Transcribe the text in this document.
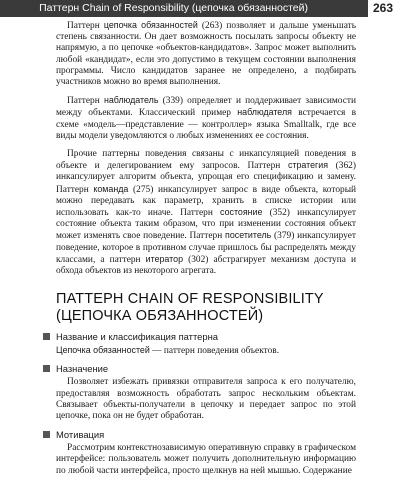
Паттерн Chain of Responsibility (цепочка обязанностей)	263

Паттерн цепочка обязанностей (263) позволяет и дальше уменьшать степень связанности. Он дает возможность посылать запросы объекту не напрямую, а по цепочке «объектов-кандидатов». Запрос может выполнить любой «кандидат», если это допустимо в текущем состоянии выполнения программы. Число кандидатов заранее не определено, а подбирать участников можно во время выполнения.

Паттерн наблюдатель (339) определяет и поддерживает зависимости между объектами. Классический пример наблюдателя встречается в схеме «модель—представление — контроллер» языка Smalltalk, где все виды модели уведомляются о любых изменениях ее состояния.

Прочие паттерны поведения связаны с инкапсуляцией поведения в объекте и делегированием ему запросов. Паттерн стратегия (362) инкапсулирует алгоритм объекта, упрощая его спецификацию и замену. Паттерн команда (275) инкапсулирует запрос в виде объекта, который можно передавать как параметр, хранить в списке истории или использовать как-то иначе. Паттерн состояние (352) инкапсулирует состояние объекта таким образом, что при изменении состояния объект может изменять свое поведение. Паттерн посетитель (379) инкапсулирует поведение, которое в противном случае пришлось бы распределять между классами, а паттерн итератор (302) абстрагирует механизм доступа и обхода объектов из некоторого агрегата.

ПАТТЕРН CHAIN OF RESPONSIBILITY
(ЦЕПОЧКА ОБЯЗАННОСТЕЙ)
Название и классификация паттерна

Цепочка обязанностей — паттерн поведения объектов.

Назначение

Позволяет избежать привязки отправителя запроса к его получателю, предоставляя возможность обработать запрос нескольким объектам. Связывает объекты-получатели в цепочку и передает запрос по этой цепочке, пока он не будет обработан.

Мотивация

Рассмотрим контекстнозависимую оперативную справку в графическом интерфейсе: пользователь может получить дополнительную информацию по любой части интерфейса, просто щелкнув на ней мышью. Содержание
